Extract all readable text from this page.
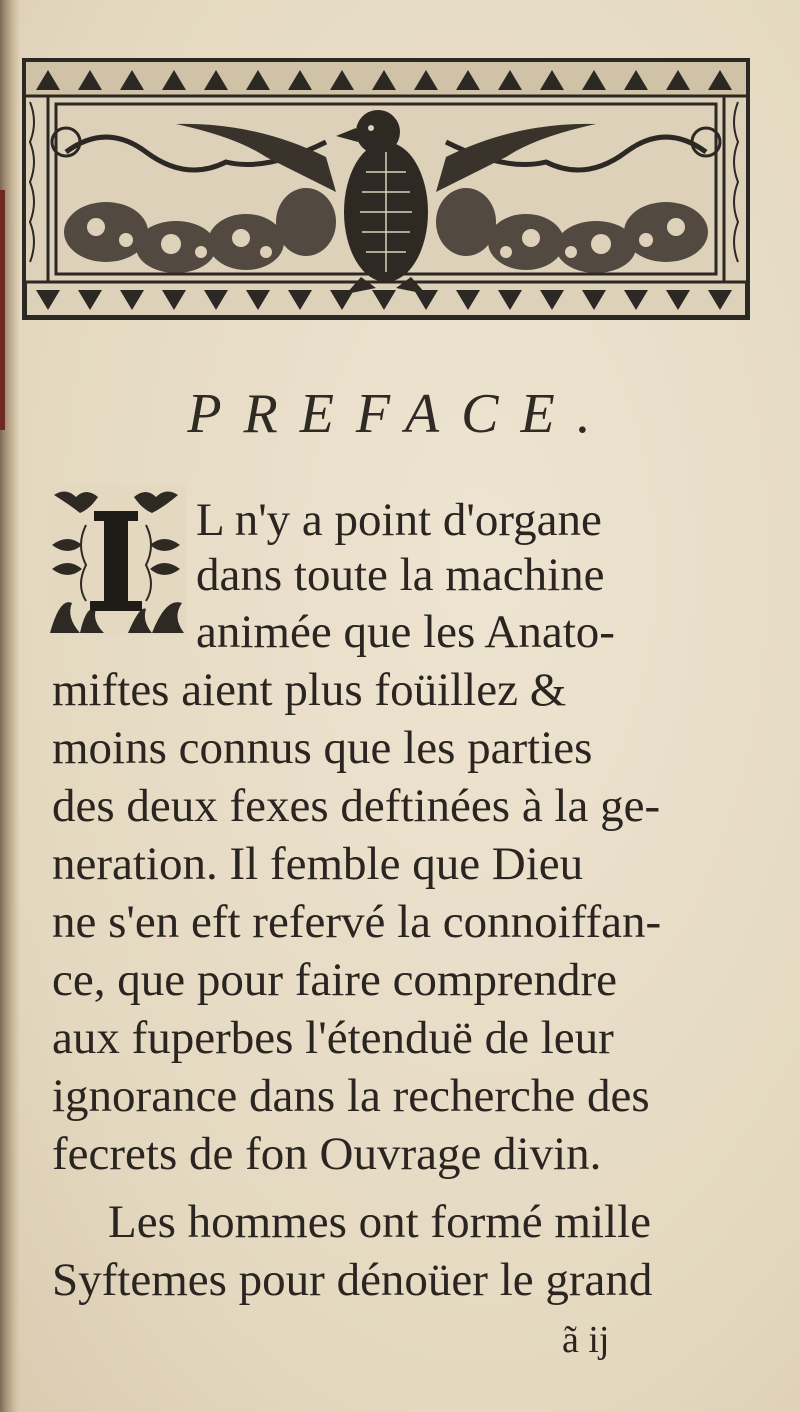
PREFACE.
L n'y a point d'organe
dans toute la machine
animée que les Anato-
miftes aient plus foüillez &
moins connus que les parties
des deux fexes deftinées à la ge-
neration. Il femble que Dieu
ne s'en eft refervé la connoiffan-
ce, que pour faire comprendre
aux fuperbes l'étenduë de leur
ignorance dans la recherche des
fecrets de fon Ouvrage divin.
Les hommes ont formé mille
Syftemes pour dénoüer le grand
ã ij
